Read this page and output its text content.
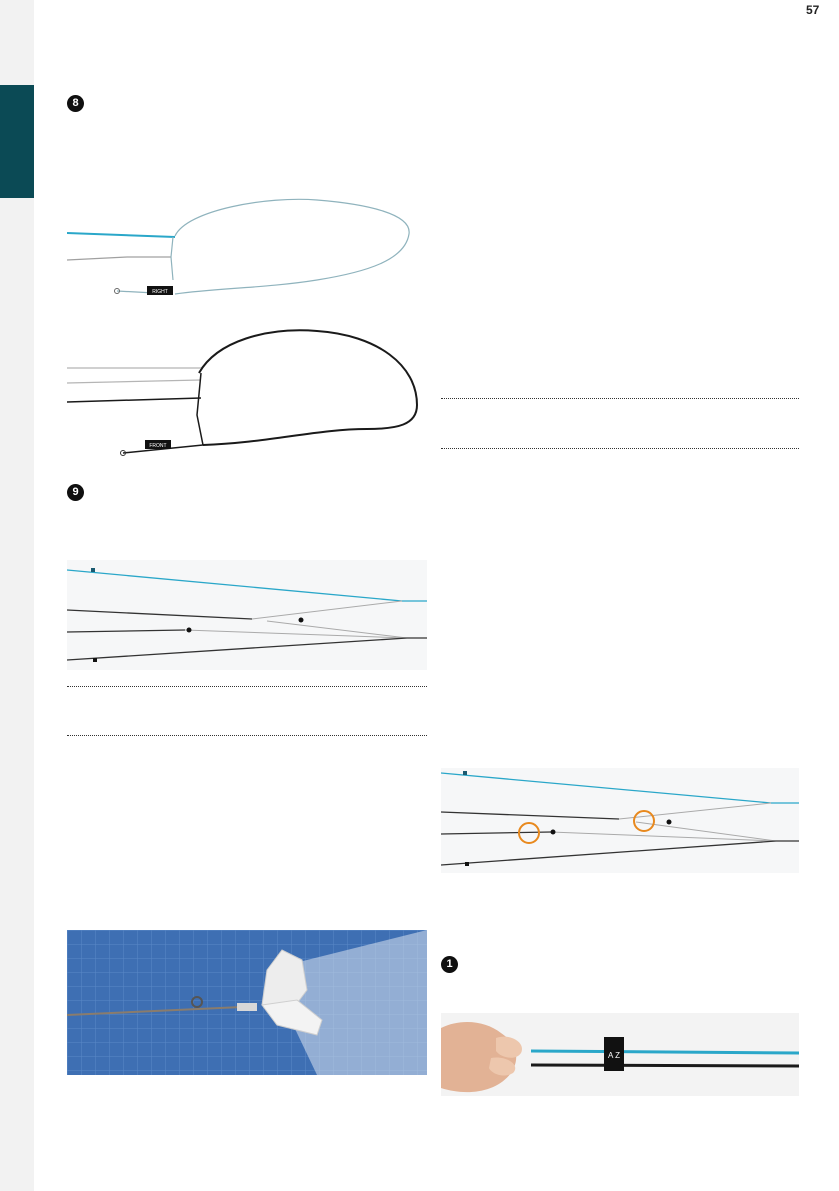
57
8
RIGHT
FRONT
9
1
A Z
